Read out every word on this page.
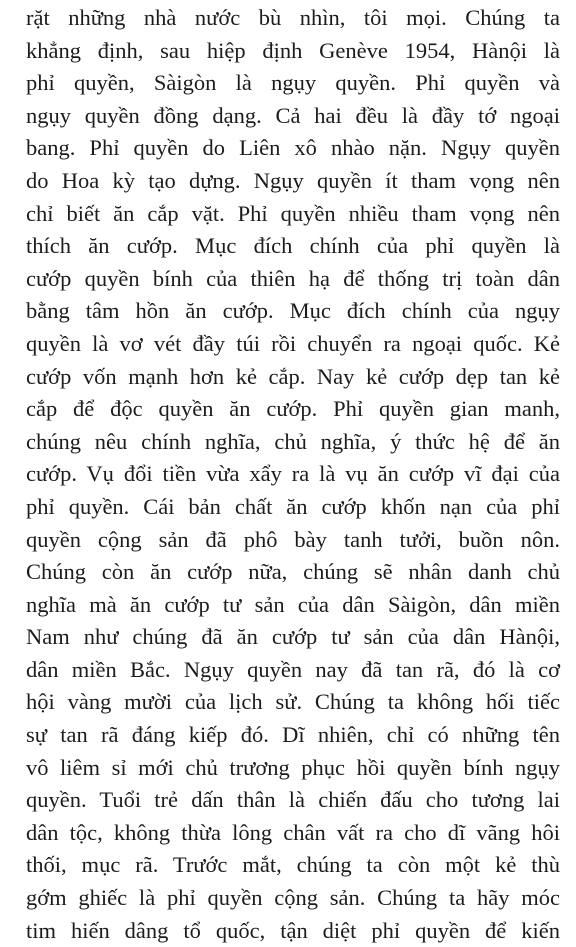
rặt những nhà nước bù nhìn, tôi mọi. Chúng ta
khẳng định, sau hiệp định Genève 1954, Hànội là
phỉ quyền, Sàigòn là ngụy quyền. Phỉ quyền và
ngụy quyền đồng dạng. Cả hai đều là đầy tớ ngoại
bang. Phỉ quyền do Liên xô nhào nặn. Ngụy quyền
do Hoa kỳ tạo dựng. Ngụy quyền ít tham vọng nên
chỉ biết ăn cắp vặt. Phỉ quyền nhiều tham vọng nên
thích ăn cướp. Mục đích chính của phỉ quyền là
cướp quyền bính của thiên hạ để thống trị toàn dân
bằng tâm hồn ăn cướp. Mục đích chính của ngụy
quyền là vơ vét đầy túi rồi chuyển ra ngoại quốc. Kẻ
cướp vốn mạnh hơn kẻ cắp. Nay kẻ cướp dẹp tan kẻ
cắp để độc quyền ăn cướp. Phỉ quyền gian manh,
chúng nêu chính nghĩa, chủ nghĩa, ý thức hệ để ăn
cướp. Vụ đổi tiền vừa xẩy ra là vụ ăn cướp vĩ đại của
phỉ quyền. Cái bản chất ăn cướp khốn nạn của phỉ
quyền cộng sản đã phô bày tanh tưởi, buồn nôn.
Chúng còn ăn cướp nữa, chúng sẽ nhân danh chủ
nghĩa mà ăn cướp tư sản của dân Sàigòn, dân miền
Nam như chúng đã ăn cướp tư sản của dân Hànội,
dân miền Bắc. Ngụy quyền nay đã tan rã, đó là cơ
hội vàng mười của lịch sử. Chúng ta không hối tiếc
sự tan rã đáng kiếp đó. Dĩ nhiên, chỉ có những tên
vô liêm sỉ mới chủ trương phục hồi quyền bính ngụy
quyền. Tuổi trẻ dấn thân là chiến đấu cho tương lai
dân tộc, không thừa lông chân vất ra cho dĩ vãng hôi
thối, mục rã. Trước mắt, chúng ta còn một kẻ thù
gớm ghiếc là phỉ quyền cộng sản. Chúng ta hãy móc
tim hiến dâng tổ quốc, tận diệt phỉ quyền để kiến
